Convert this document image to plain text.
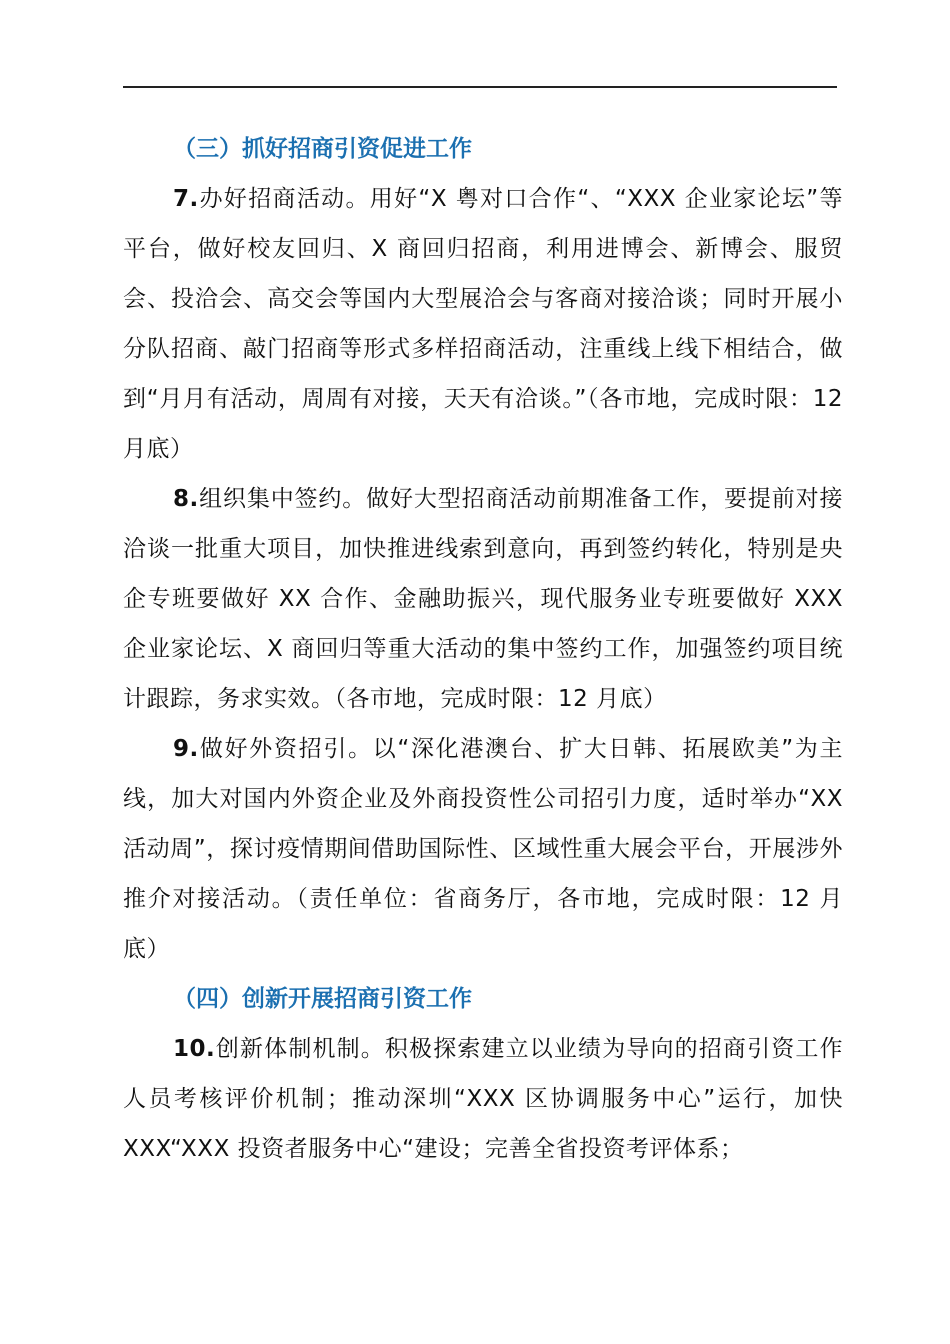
（三）抓好招商引资促进工作

7.办好招商活动。用好“X 粤对口合作“、“XXX 企业家论坛”等平台，做好校友回归、X 商回归招商，利用进博会、新博会、服贸会、投洽会、高交会等国内大型展洽会与客商对接洽谈；同时开展小分队招商、敲门招商等形式多样招商活动，注重线上线下相结合，做到“月月有活动，周周有对接，天天有洽谈。”（各市地，完成时限：12 月底）

8.组织集中签约。做好大型招商活动前期准备工作，要提前对接洽谈一批重大项目，加快推进线索到意向，再到签约转化，特别是央企专班要做好 XX 合作、金融助振兴，现代服务业专班要做好 XXX 企业家论坛、X 商回归等重大活动的集中签约工作，加强签约项目统计跟踪，务求实效。（各市地，完成时限：12 月底）

9.做好外资招引。以“深化港澳台、扩大日韩、拓展欧美”为主线，加大对国内外资企业及外商投资性公司招引力度，适时举办“XX 活动周”，探讨疫情期间借助国际性、区域性重大展会平台，开展涉外推介对接活动。（责任单位：省商务厅，各市地，完成时限：12 月底）

（四）创新开展招商引资工作

10.创新体制机制。积极探索建立以业绩为导向的招商引资工作人员考核评价机制；推动深圳“XXX 区协调服务中心”运行，加快 XXX“XXX 投资者服务中心“建设；完善全省投资考评体系；
